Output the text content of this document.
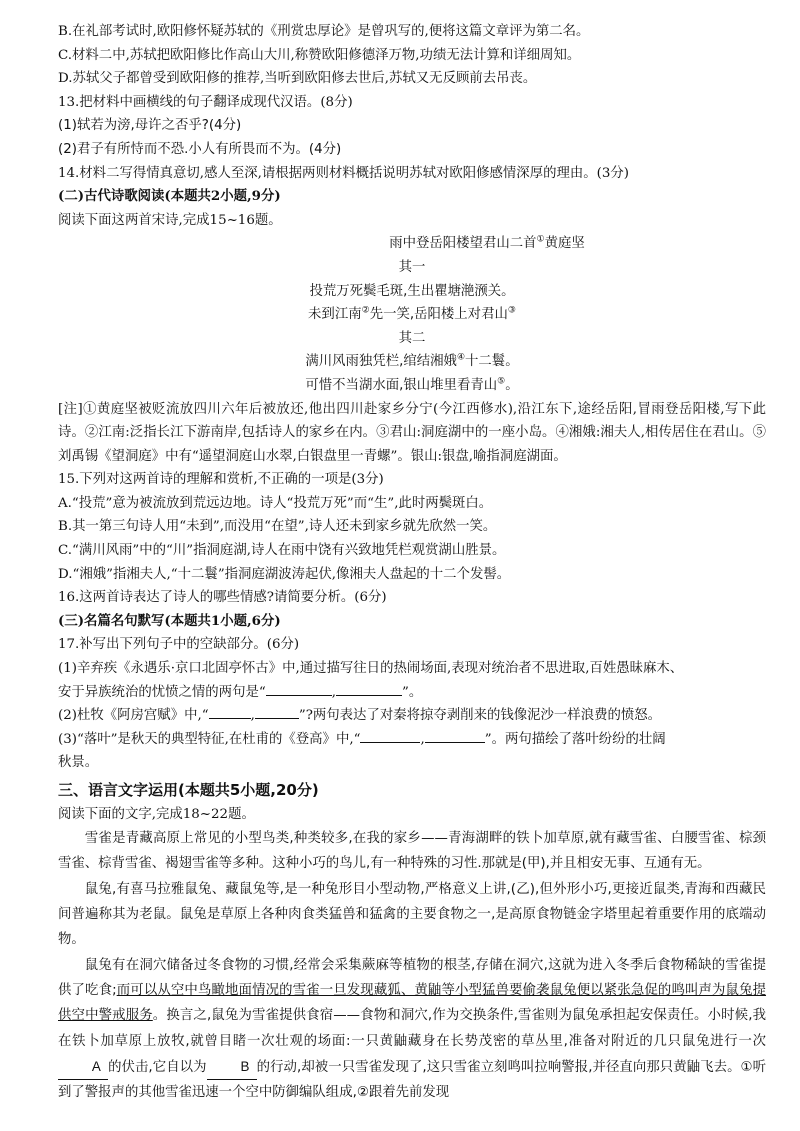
B.在礼部考试时,欧阳修怀疑苏轼的《刑赏忠厚论》是曾巩写的,便将这篇文章评为第二名。
C.材料二中,苏轼把欧阳修比作高山大川,称赞欧阳修德泽万物,功绩无法计算和详细周知。
D.苏轼父子都曾受到欧阳修的推荐,当听到欧阳修去世后,苏轼又无反顾前去吊丧。
13.把材料中画横线的句子翻译成现代汉语。(8分)
(1)轼若为滂,母许之否乎?(4分)
(2)君子有所恃而不恐.小人有所畏而不为。(4分)
14.材料二写得情真意切,感人至深,请根据两则材料概括说明苏轼对欧阳修感情深厚的理由。(3分)
(二)古代诗歌阅读(本题共2小题,9分)
阅读下面这两首宋诗,完成15~16题。
雨中登岳阳楼望君山二首①黄庭坚
其一
投荒万死鬓毛斑,生出瞿塘滟滪关。
未到江南②先一笑,岳阳楼上对君山③
其二
满川风雨独凭栏,绾结湘娥④十二鬟。
可惜不当湖水面,银山堆里看青山⑤。
[注]①黄庭坚被贬流放四川六年后被放还,他出四川赴家乡分宁(今江西修水),沿江东下,途经岳阳,冒雨登岳阳楼,写下此诗。②江南:泛指长江下游南岸,包括诗人的家乡在内。③君山:洞庭湖中的一座小岛。④湘娥:湘夫人,相传居住在君山。⑤刘禹锡《望洞庭》中有“遥望洞庭山水翠,白银盘里一青螺”。银山:银盘,喻指洞庭湖面。
15.下列对这两首诗的理解和赏析,不正确的一项是(3分)
A.“投荒”意为被流放到荒远边地。诗人“投荒万死”而“生”,此时两鬓斑白。
B.其一第三句诗人用“未到”,而没用“在望”,诗人还未到家乡就先欣然一笑。
C.“满川风雨”中的“川”指洞庭湖,诗人在雨中饶有兴致地凭栏观赏湖山胜景。
D.“湘娥”指湘夫人,“十二鬟”指洞庭湖波涛起伏,像湘夫人盘起的十二个发髻。
16.这两首诗表达了诗人的哪些情感?请简要分析。(6分)
(三)名篇名句默写(本题共1小题,6分)
17.补写出下列句子中的空缺部分。(6分)
(1)辛弃疾《永遇乐·京口北固亭怀古》中,通过描写往日的热闹场面,表现对统治者不思进取,百姓愚昧麻木、
安于异族统治的忧愤之情的两句是“	,	”。
(2)杜牧《阿房宫赋》中,“	,	”?两句表达了对秦将掠夺剥削来的钱像泥沙一样浪费的愤怒。
(3)“落叶”是秋天的典型特征,在杜甫的《登高》中,“	,	”。两句描绘了落叶纷纷的壮阔
秋景。
三、语言文字运用(本题共5小题,20分)
阅读下面的文字,完成18~22题。
雪雀是青藏高原上常见的小型鸟类,种类较多,在我的家乡——青海湖畔的铁卜加草原,就有藏雪雀、白腰雪雀、棕颈雪雀、棕背雪雀、褐翅雪雀等多种。这种小巧的鸟儿,有一种特殊的习性.那就是(甲),并且相安无事、互通有无。
鼠兔,有喜马拉雅鼠兔、藏鼠兔等,是一种兔形目小型动物,严格意义上讲,(乙),但外形小巧,更接近鼠类,青海和西藏民间普遍称其为老鼠。鼠兔是草原上各种肉食类猛兽和猛禽的主要食物之一,是高原食物链金字塔里起着重要作用的底端动物。
鼠兔有在洞穴储备过冬食物的习惯,经常会采集蕨麻等植物的根茎,存储在洞穴,这就为进入冬季后食物稀缺的雪雀提供了吃食;而可以从空中鸟瞰地面情况的雪雀一旦发现藏狐、黄鼬等小型猛兽要偷袭鼠兔便以紧张急促的鸣叫声为鼠兔提供空中警戒服务。换言之,鼠兔为雪雀提供食宿——食物和洞穴,作为交换条件,雪雀则为鼠兔承担起安保责任。小时候,我在铁卜加草原上放牧,就曾目睹一次壮观的场面:一只黄鼬藏身在长势茂密的草丛里,准备对附近的几只鼠兔进行一次A 的伏击,它自以为	B 的行动,却被一只雪雀发现了,这只雪雀立刻鸣叫拉响警报,并径直向那只黄鼬飞去。①听到了警报声的其他雪雀迅速一个空中防御编队组成,②跟着先前发现
